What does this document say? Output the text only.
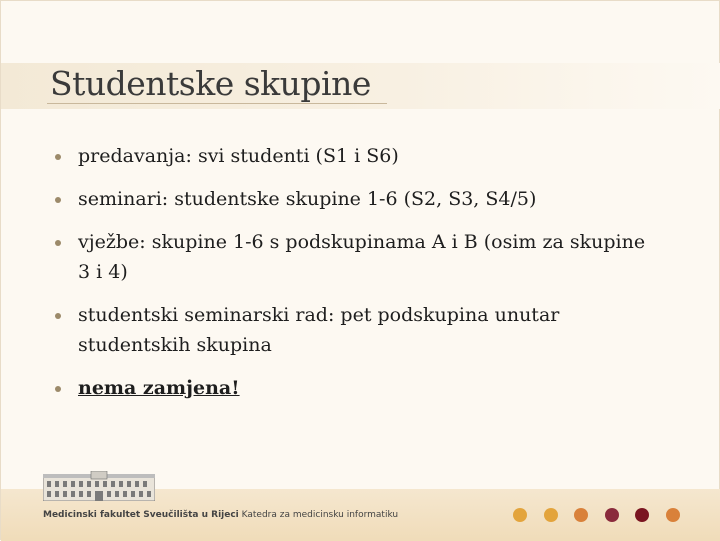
Studentske skupine
predavanja: svi studenti (S1 i S6)
seminari: studentske skupine 1-6 (S2, S3, S4/5)
vježbe: skupine 1-6 s podskupinama A i B (osim za skupine 3 i 4)
studentski seminarski rad: pet podskupina unutar studentskih skupina
nema zamjena!
Medicinski fakultet Sveučilišta u Rijeci Katedra za medicinsku informatiku
